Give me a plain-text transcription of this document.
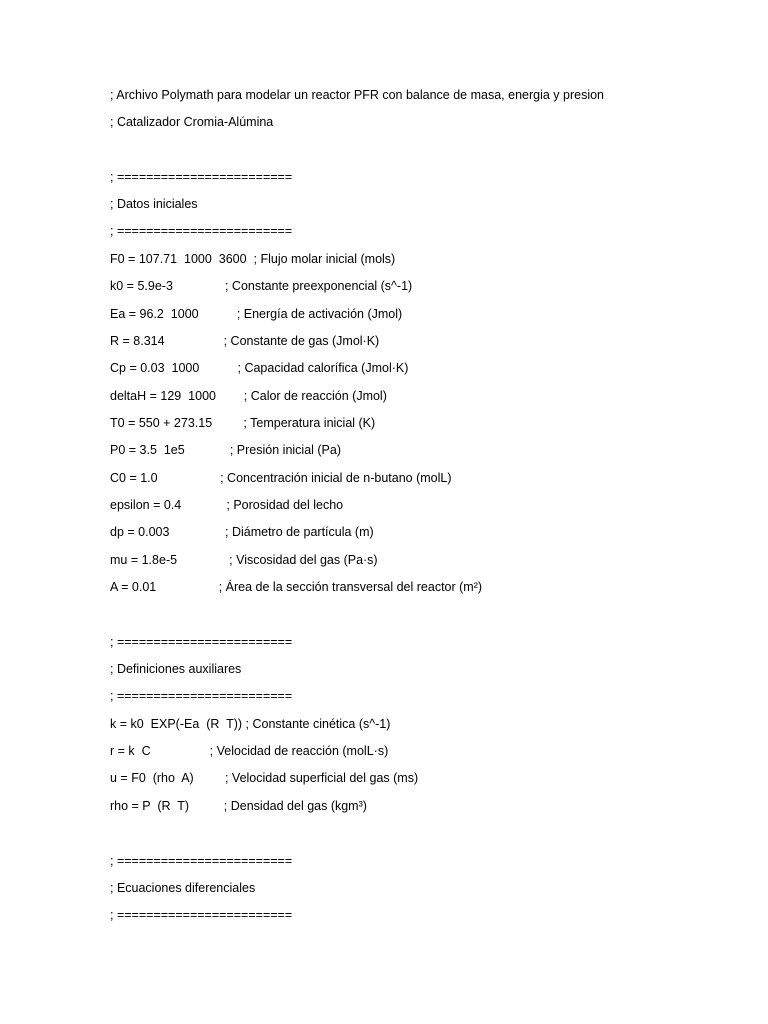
; Archivo Polymath para modelar un reactor PFR con balance de masa, energia y presion
; Catalizador Cromia-Alúmina
; ========================
; Datos iniciales
; ========================
F0 = 107.71  1000  3600  ; Flujo molar inicial (mols)
k0 = 5.9e-3               ; Constante preexponencial (s^-1)
Ea = 96.2  1000           ; Energía de activación (Jmol)
R = 8.314                 ; Constante de gas (Jmol·K)
Cp = 0.03  1000           ; Capacidad calorífica (Jmol·K)
deltaH = 129  1000        ; Calor de reacción (Jmol)
T0 = 550 + 273.15         ; Temperatura inicial (K)
P0 = 3.5  1e5             ; Presión inicial (Pa)
C0 = 1.0                  ; Concentración inicial de n-butano (molL)
epsilon = 0.4             ; Porosidad del lecho
dp = 0.003                ; Diámetro de partícula (m)
mu = 1.8e-5               ; Viscosidad del gas (Pa·s)
A = 0.01                  ; Área de la sección transversal del reactor (m²)
; ========================
; Definiciones auxiliares
; ========================
k = k0  EXP(-Ea  (R  T)) ; Constante cinética (s^-1)
r = k  C                 ; Velocidad de reacción (molL·s)
u = F0  (rho  A)         ; Velocidad superficial del gas (ms)
rho = P  (R  T)          ; Densidad del gas (kgm³)
; ========================
; Ecuaciones diferenciales
; ========================
